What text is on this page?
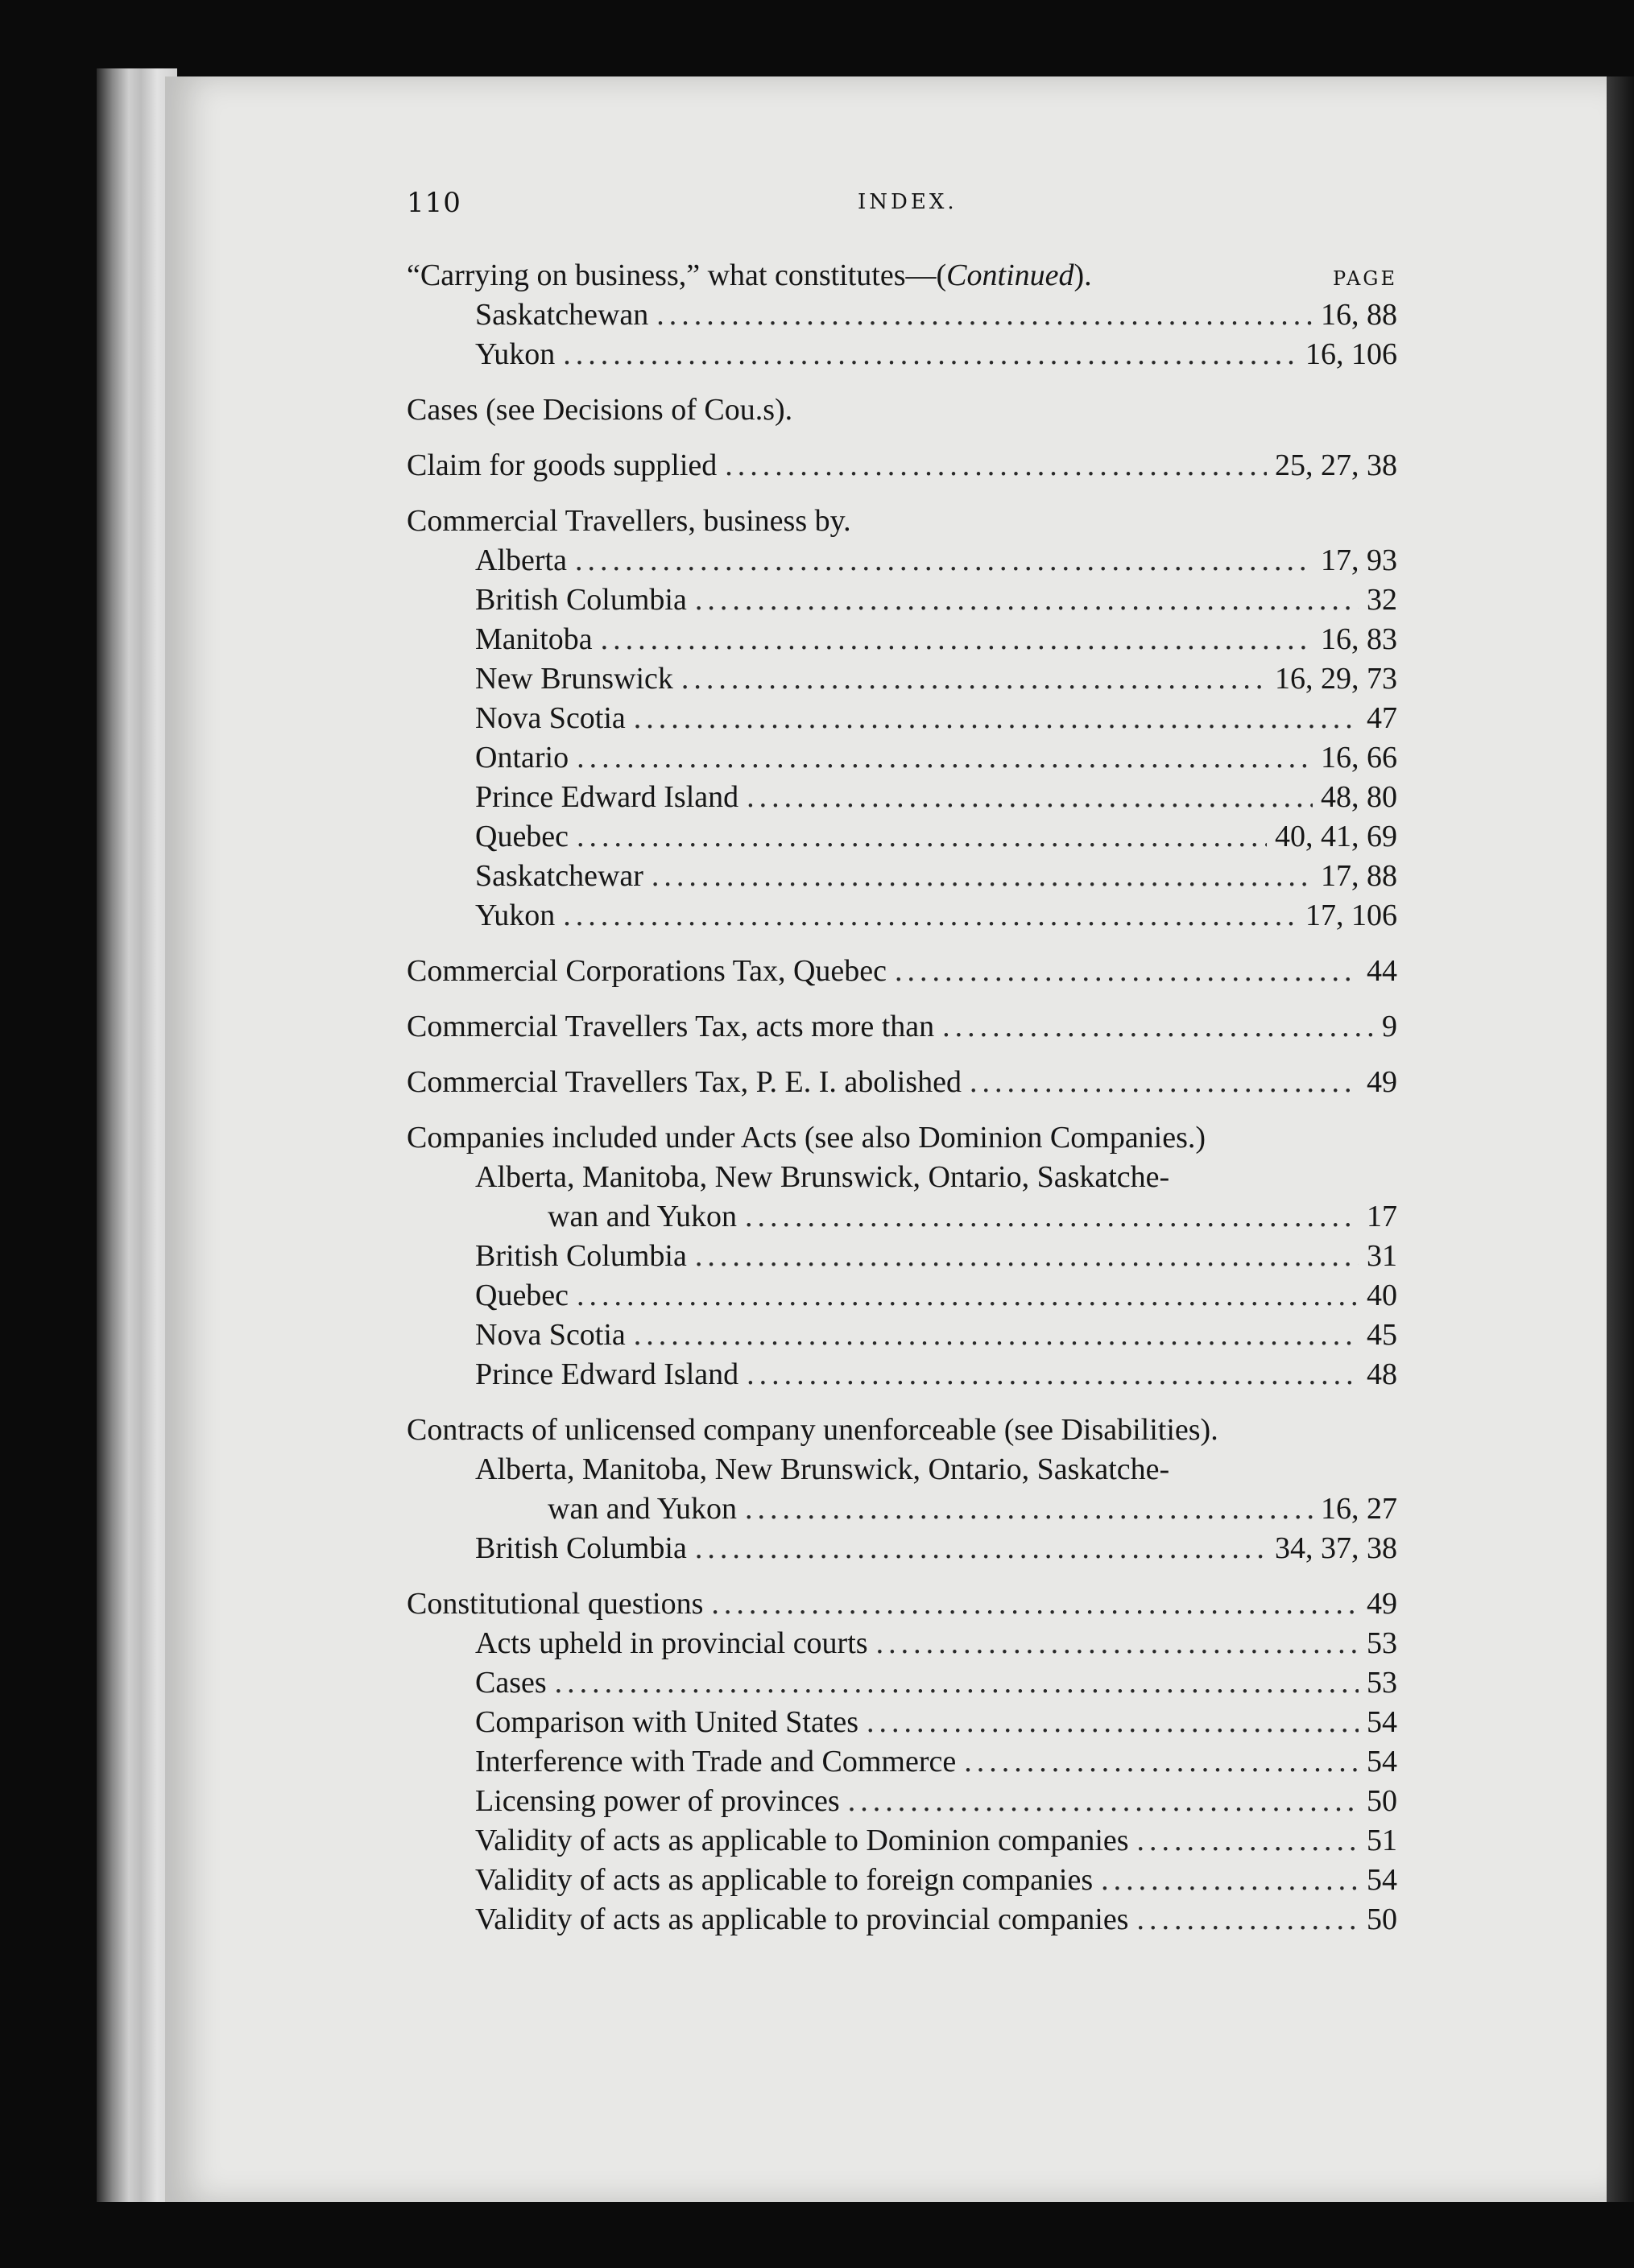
110	INDEX.
“Carrying on business,” what constitutes—(Continued).	PAGE
Saskatchewan .....	16, 88
Yukon .....	16, 106
Cases (see Decisions of Cou.s).
Claim for goods supplied .....	25, 27, 38
Commercial Travellers, business by.
Alberta .....	17, 93
British Columbia .....	32
Manitoba .....	16, 83
New Brunswick .....	16, 29, 73
Nova Scotia .....	47
Ontario .....	16, 66
Prince Edward Island .....	48, 80
Quebec .....	40, 41, 69
Saskatchewar .....	17, 88
Yukon .....	17, 106
Commercial Corporations Tax, Quebec .....	44
Commercial Travellers Tax, acts more than .....	9
Commercial Travellers Tax, P. E. I. abolished .....	49
Companies included under Acts (see also Dominion Companies.)
Alberta, Manitoba, New Brunswick, Ontario, Saskatche-
wan and Yukon .....	17
British Columbia .....	31
Quebec .....	40
Nova Scotia .....	45
Prince Edward Island .....	48
Contracts of unlicensed company unenforceable (see Disabilities).
Alberta, Manitoba, New Brunswick, Ontario, Saskatche-
wan and Yukon .....	16, 27
British Columbia .....	34, 37, 38
Constitutional questions .....	49
Acts upheld in provincial courts .....	53
Cases .....	53
Comparison with United States .....	54
Interference with Trade and Commerce .....	54
Licensing power of provinces .....	50
Validity of acts as applicable to Dominion companies .....	51
Validity of acts as applicable to foreign companies .....	54
Validity of acts as applicable to provincial companies .....	50
